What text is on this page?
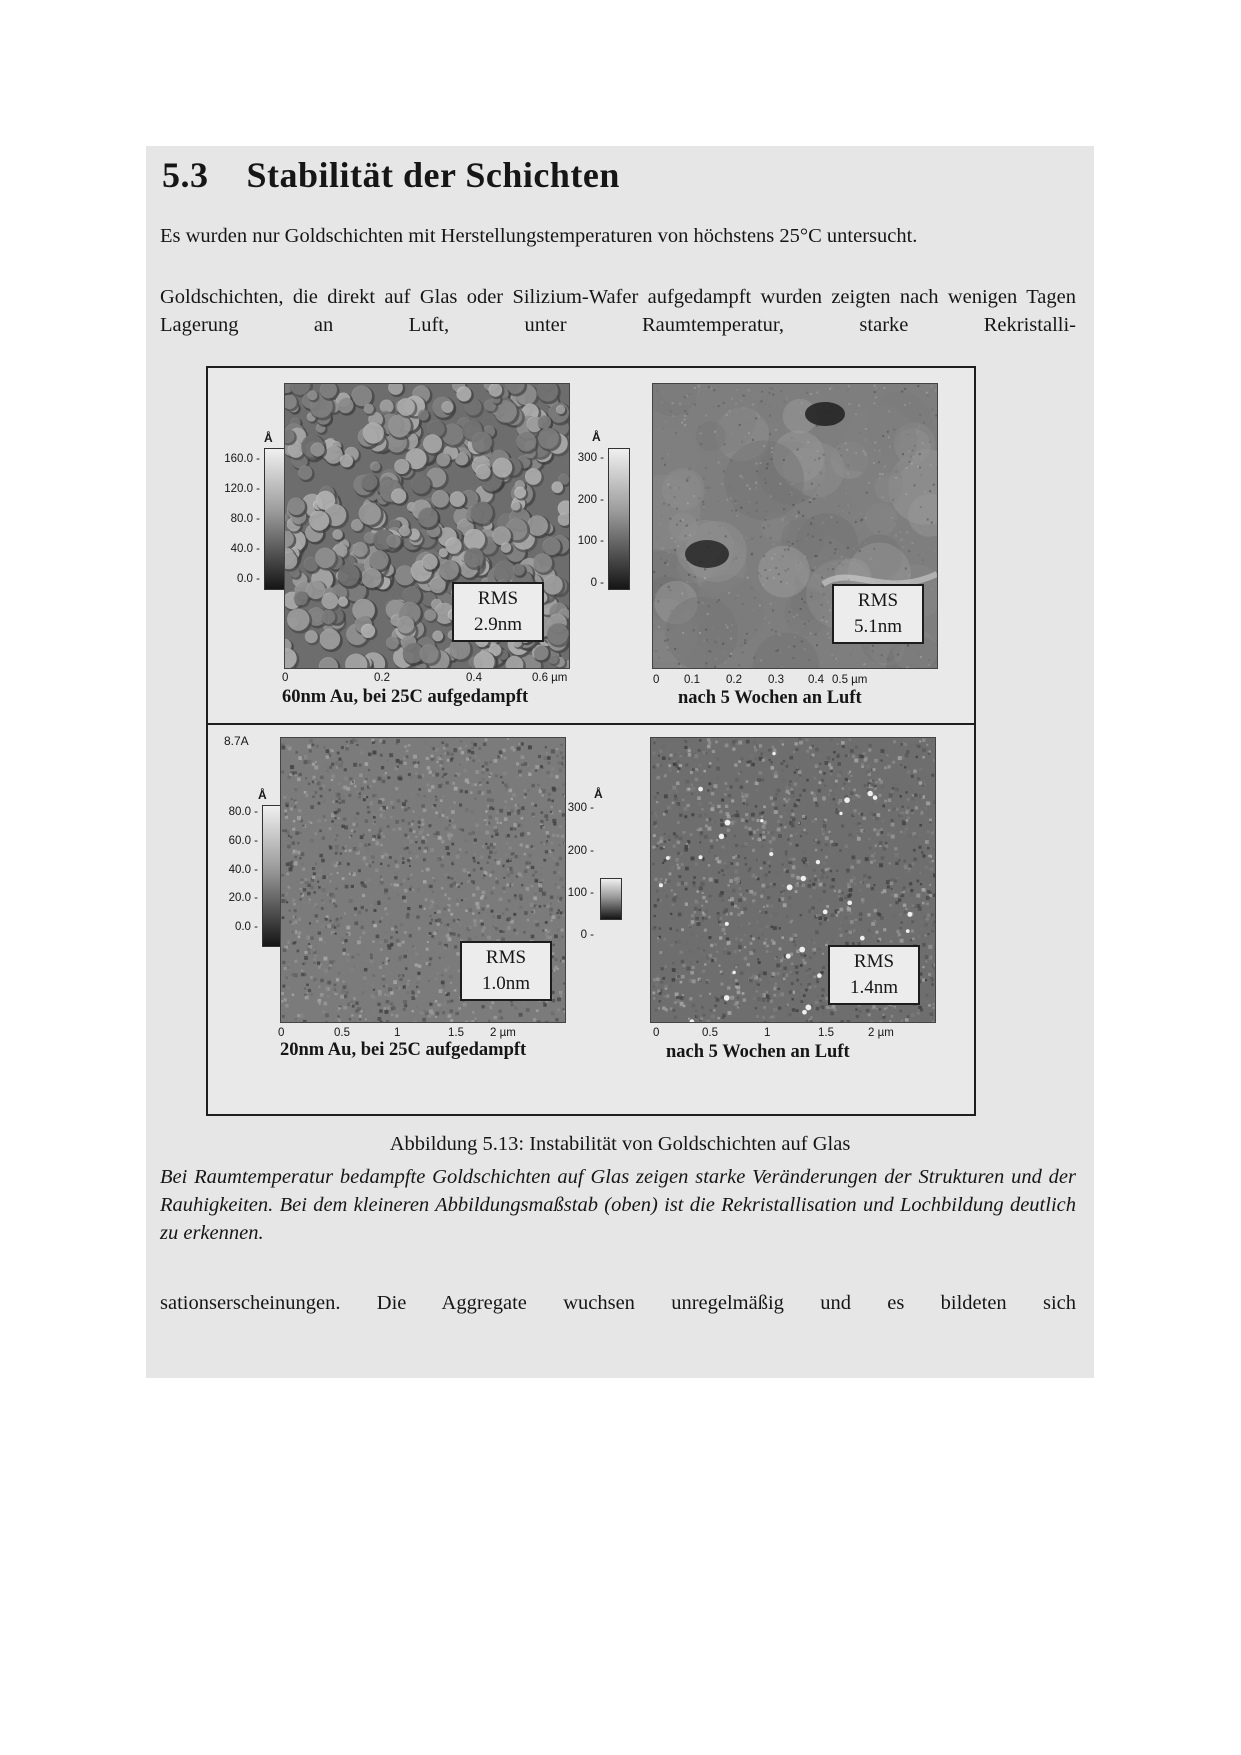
5.3 Stabilität der Schichten

Es wurden nur Goldschichten mit Herstellungstemperaturen von höchstens 25°C untersucht.

Goldschichten, die direkt auf Glas oder Silizium-Wafer aufgedampft wurden zeigten nach wenigen Tagen Lagerung an Luft, unter Raumtemperatur, starke Rekristalli-

Å
160.0 -
120.0 -
80.0 -
40.0 -
0.0 -
RMS
2.9nm
0	0.2	0.4	0.6 µm
60nm Au, bei 25C aufgedampft
Å
300 -
200 -
100 -
0 -
RMS
5.1nm
0 0.1 0.2 0.3 0.4 0.5 µm
nach 5 Wochen an Luft
8.7A
Å
80.0 -
60.0 -
40.0 -
20.0 -
0.0 -
RMS
1.0nm
0	0.5	1	1.5 2 µm
20nm Au, bei 25C aufgedampft
Å
300 -
200 -
100 -
0 -
RMS
1.4nm
0	0.5	1	1.5	2 µm
nach 5 Wochen an Luft

Abbildung 5.13: Instabilität von Goldschichten auf Glas

Bei Raumtemperatur bedampfte Goldschichten auf Glas zeigen starke Veränderungen der Strukturen und der Rauhigkeiten. Bei dem kleineren Abbildungsmaßstab (oben) ist die Rekristallisation und Lochbildung deutlich zu erkennen.

sationserscheinungen. Die Aggregate wuchsen unregelmäßig und es bildeten sich
